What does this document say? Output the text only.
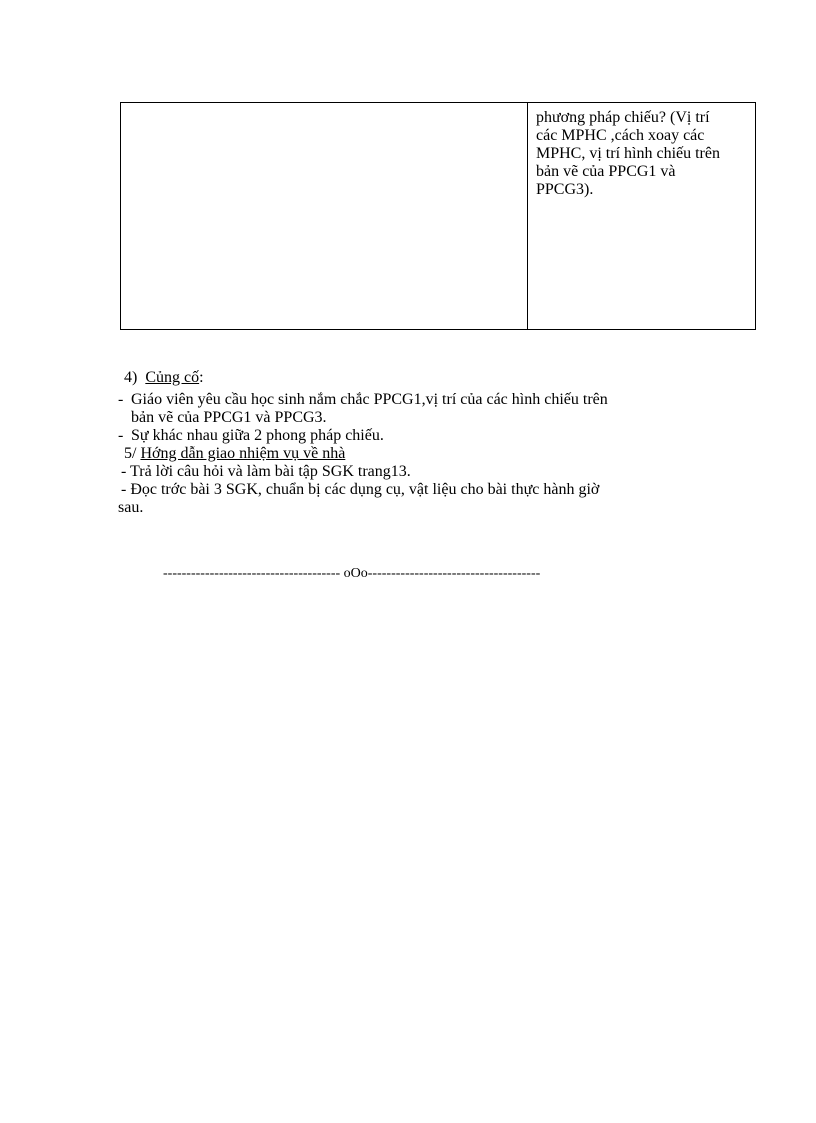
phương pháp chiếu? (Vị trí
các MPHC ,cách xoay các
MPHC, vị trí hình chiếu trên
bản vẽ của PPCG1 và
PPCG3).
4) Củng cố:
- Giáo viên yêu cầu học sinh nắm chắc PPCG1,vị trí của các hình chiếu trên
bản vẽ của PPCG1 và PPCG3.
- Sự khác nhau giữa 2 phong pháp chiếu.
5/ Hớng dẫn giao nhiệm vụ về nhà
- Trả lời câu hỏi và làm bài tập SGK trang13.
- Đọc trớc bài 3 SGK, chuẩn bị các dụng cụ, vật liệu cho bài thực hành giờ
sau.
-------------------------------------- oOo-------------------------------------
